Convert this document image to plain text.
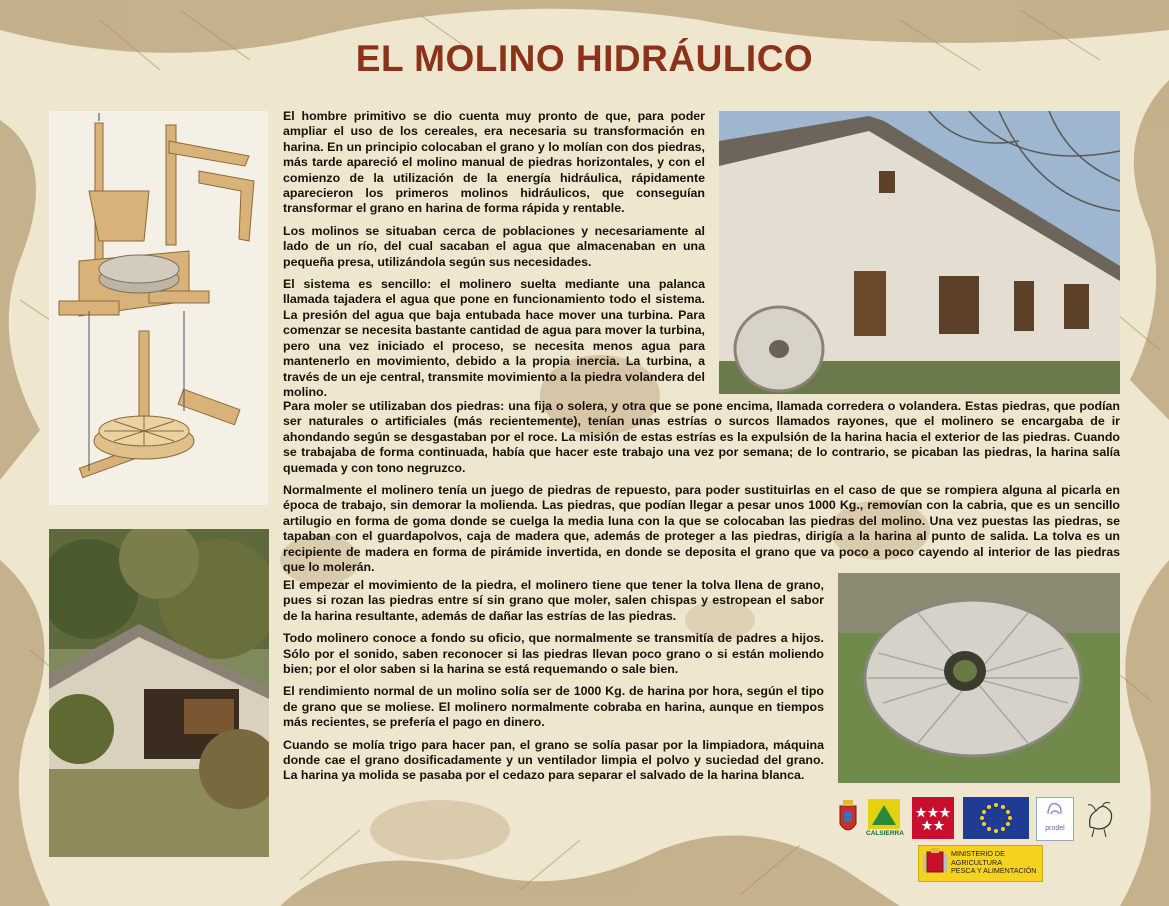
EL MOLINO HIDRÁULICO

El hombre primitivo se dio cuenta muy pronto de que, para poder ampliar el uso de los cereales, era necesaria su transformación en harina. En un principio colocaban el grano y lo molían con dos piedras, más tarde apareció el molino manual de piedras horizontales, y con el comienzo de la utilización de la energía hidráulica, rápidamente aparecieron los primeros molinos hidráulicos, que conseguían transformar el grano en harina de forma rápida y rentable.

Los molinos se situaban cerca de poblaciones y necesariamente al lado de un río, del cual sacaban el agua que almacenaban en una pequeña presa, utilizándola según sus necesidades.

El sistema es sencillo: el molinero suelta mediante una palanca llamada tajadera el agua que pone en funcionamiento todo el sistema. La presión del agua que baja entubada hace mover una turbina. Para comenzar se necesita bastante cantidad de agua para mover la turbina, pero una vez iniciado el proceso, se necesita menos agua para mantenerlo en movimiento, debido a la propia inercia. La turbina, a través de un eje central, transmite movimiento a la piedra volandera del molino.

Para moler se utilizaban dos piedras: una fija o solera, y otra que se pone encima, llamada corredera o volandera. Estas piedras, que podían ser naturales o artificiales (más recientemente), tenían unas estrías o surcos llamados rayones, que el molinero se encargaba de ir ahondando según se desgastaban por el roce. La misión de estas estrías es la expulsión de la harina hacia el exterior de las piedras. Cuando se trabajaba de forma continuada, había que hacer este trabajo una vez por semana; de lo contrario, se picaban las piedras, la harina salía quemada y con tono negruzco.

Normalmente el molinero tenía un juego de piedras de repuesto, para poder sustituirlas en el caso de que se rompiera alguna al picarla en época de trabajo, sin demorar la molienda. Las piedras, que podían llegar a pesar unos 1000 Kg., removían con la cabria, que es un sencillo artilugio en forma de goma donde se cuelga la media luna con la que se colocaban las piedras del molino. Una vez puestas las piedras, se tapaban con el guardapolvos, caja de madera que, además de proteger a las piedras, dirigía a la harina al punto de salida. La tolva es un recipiente de madera en forma de pirámide invertida, en donde se deposita el grano que va poco a poco cayendo al interior de las piedras que lo molerán.

El empezar el movimiento de la piedra, el molinero tiene que tener la tolva llena de grano, pues si rozan las piedras entre sí sin grano que moler, salen chispas y estropean el sabor de la harina resultante, además de dañar las estrías de las piedras.

Todo molinero conoce a fondo su oficio, que normalmente se transmitía de padres a hijos. Sólo por el sonido, saben reconocer si las piedras llevan poco grano o si están moliendo bien; por el olor saben si la harina se está requemando o sale bien.

El rendimiento normal de un molino solía ser de 1000 Kg. de harina por hora, según el tipo de grano que se moliese. El molinero normalmente cobraba en harina, aunque en tiempos más recientes, se prefería el pago en dinero.

Cuando se molía trigo para hacer pan, el grano se solía pasar por la limpiadora, máquina donde cae el grano dosificadamente y un ventilador limpia el polvo y suciedad del grano. La harina ya molida se pasaba por el cedazo para separar el salvado de la harina blanca.

CALSIERRA
prodel
MINISTERIO DE
AGRICULTURA
PESCA Y ALIMENTACIÓN
